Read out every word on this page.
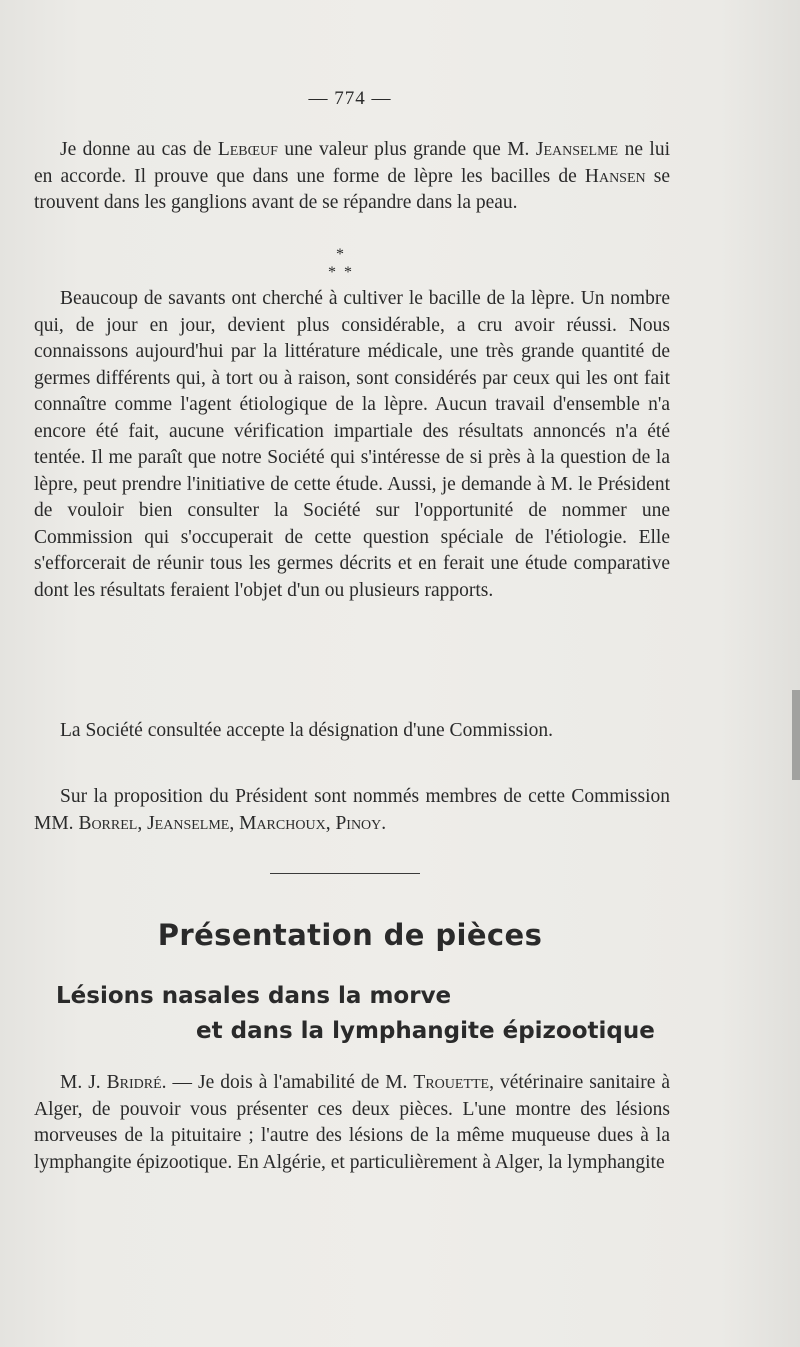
— 774 —

Je donne au cas de Lebœuf une valeur plus grande que M. Jeanselme ne lui en accorde. Il prouve que dans une forme de lèpre les bacilles de Hansen se trouvent dans les ganglions avant de se répandre dans la peau.

*
*  *

Beaucoup de savants ont cherché à cultiver le bacille de la lèpre. Un nombre qui, de jour en jour, devient plus considérable, a cru avoir réussi. Nous connaissons aujourd'hui par la littérature médicale, une très grande quantité de germes différents qui, à tort ou à raison, sont considérés par ceux qui les ont fait connaître comme l'agent étiologique de la lèpre. Aucun travail d'ensemble n'a encore été fait, aucune vérification impartiale des résultats annoncés n'a été tentée. Il me paraît que notre Société qui s'intéresse de si près à la question de la lèpre, peut prendre l'initiative de cette étude. Aussi, je demande à M. le Président de vouloir bien consulter la Société sur l'opportunité de nommer une Commission qui s'occuperait de cette question spéciale de l'étiologie. Elle s'efforcerait de réunir tous les germes décrits et en ferait une étude comparative dont les résultats feraient l'objet d'un ou plusieurs rapports.

La Société consultée accepte la désignation d'une Commission.

Sur la proposition du Président sont nommés membres de cette Commission MM. Borrel, Jeanselme, Marchoux, Pinoy.

Présentation de pièces
Lésions nasales dans la morve
et dans la lymphangite épizootique

M. J. Bridré. — Je dois à l'amabilité de M. Trouette, vétérinaire sanitaire à Alger, de pouvoir vous présenter ces deux pièces. L'une montre des lésions morveuses de la pituitaire ; l'autre des lésions de la même muqueuse dues à la lymphangite épizootique. En Algérie, et particulièrement à Alger, la lymphangite
